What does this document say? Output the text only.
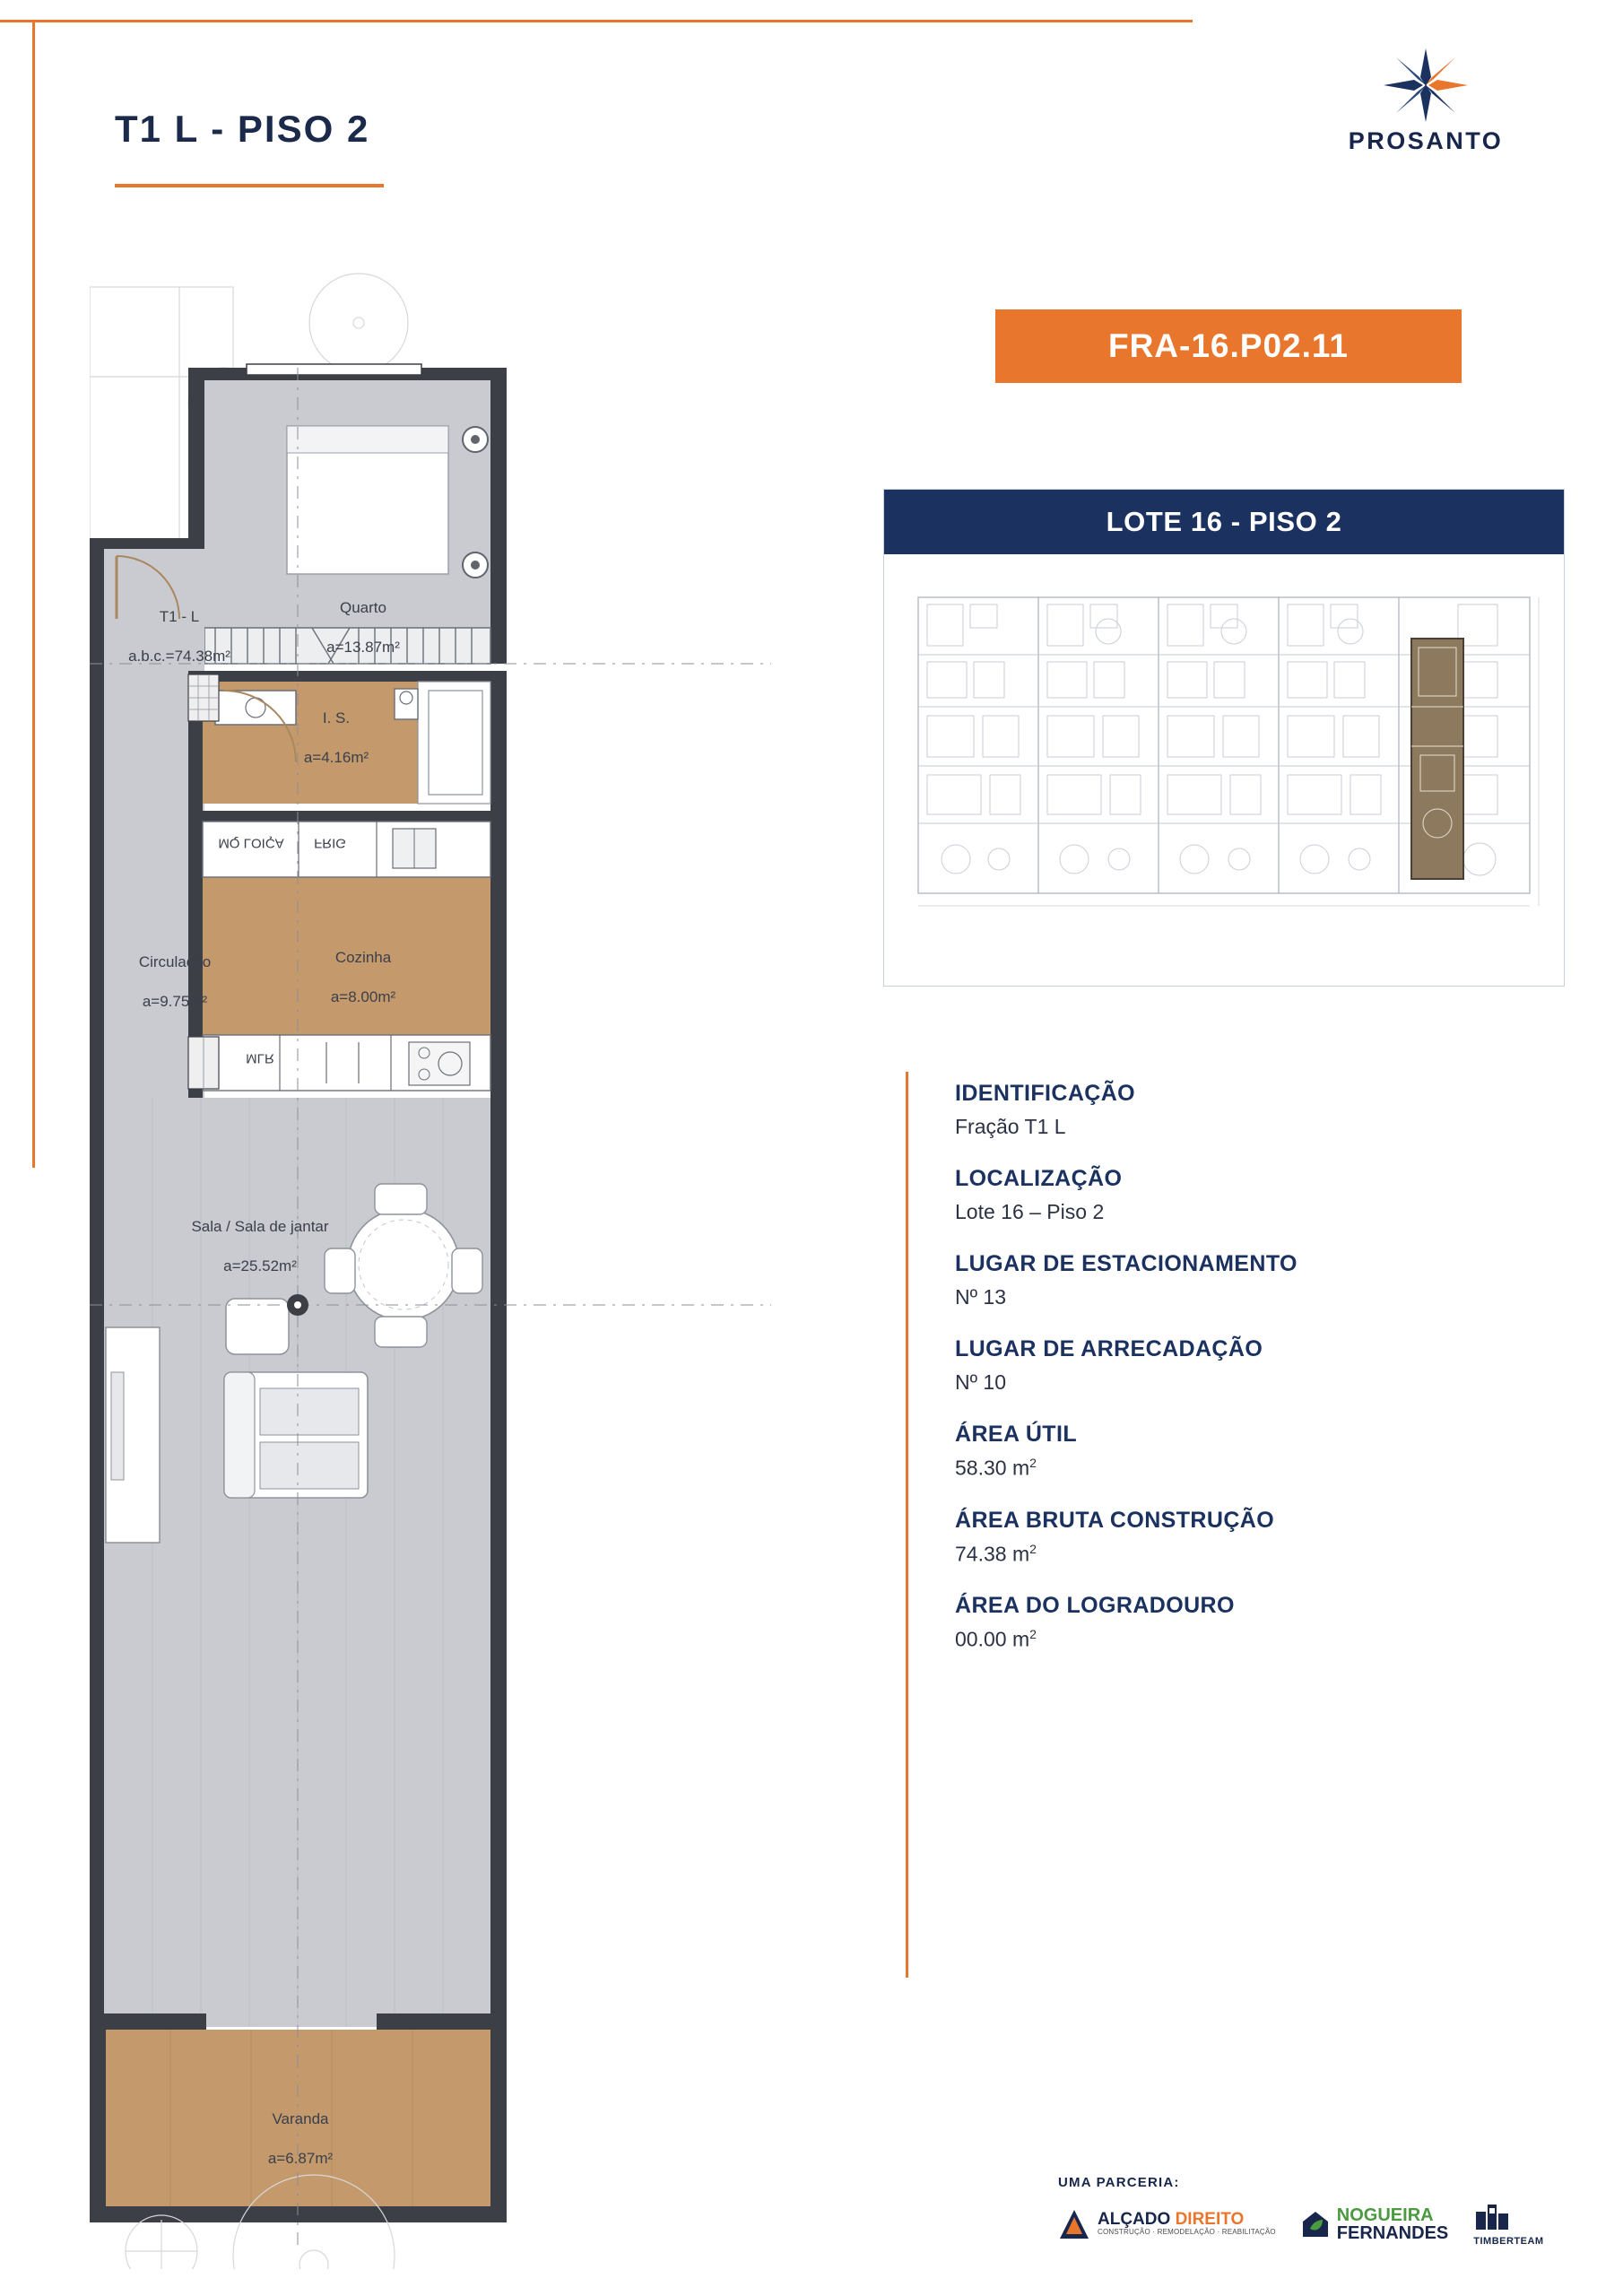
T1 L - PISO 2	PROSANTO
FRA-16.P02.11
LOTE 16 - PISO 2
IDENTIFICAÇÃO
Fração T1 L
LOCALIZAÇÃO
Lote 16 – Piso 2
LUGAR DE ESTACIONAMENTO
Nº 13
LUGAR DE ARRECADAÇÃO
Nº 10
ÁREA ÚTIL
58.30 $m^2$
ÁREA BRUTA CONSTRUÇÃO
74.38 $m^2$
ÁREA DO LOGRADOURO
00.00 $m^2$
UMA PARCERIA:
ALÇADO DIREITO
CONSTRUÇÃO · REMODELAÇÃO · REABILITAÇÃO
NOGUEIRA
FERNANDES	TIMBERTEAM

Quarto

a=13.87m²

T1 - L

a.b.c.=74.38m²

I. S.

a=4.16m²

Cozinha

a=8.00m²

Circulação

a=9.75m²

Sala / Sala de jantar

a=25.52m²

Varanda

a=6.87m²

MQ LOIÇA	FRIG
MLR
